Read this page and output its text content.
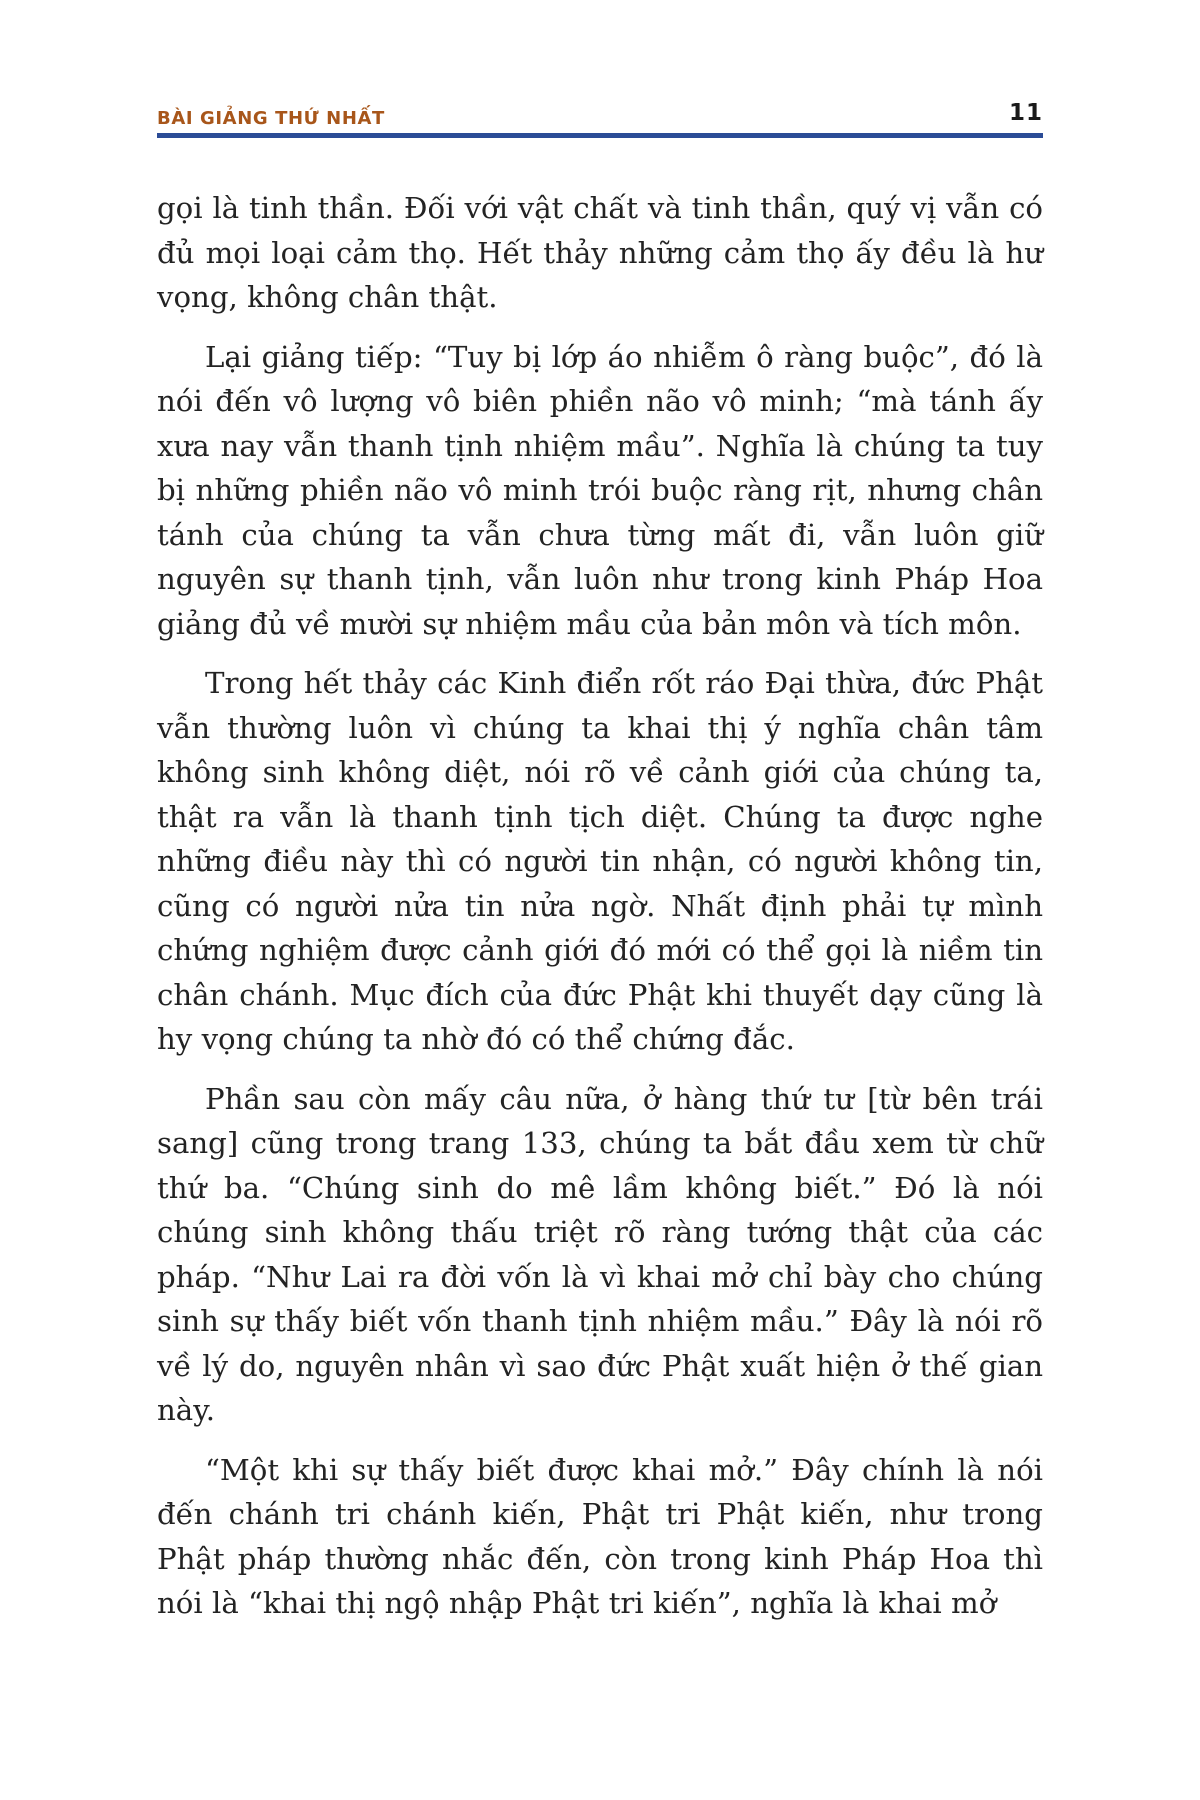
BÀI GIẢNG THỨ NHẤT	11

gọi là tinh thần. Đối với vật chất và tinh thần, quý vị vẫn có đủ mọi loại cảm thọ. Hết thảy những cảm thọ ấy đều là hư vọng, không chân thật.

Lại giảng tiếp: “Tuy bị lớp áo nhiễm ô ràng buộc”, đó là nói đến vô lượng vô biên phiền não vô minh; “mà tánh ấy xưa nay vẫn thanh tịnh nhiệm mầu”. Nghĩa là chúng ta tuy bị những phiền não vô minh trói buộc ràng rịt, nhưng chân tánh của chúng ta vẫn chưa từng mất đi, vẫn luôn giữ nguyên sự thanh tịnh, vẫn luôn như trong kinh Pháp Hoa giảng đủ về mười sự nhiệm mầu của bản môn và tích môn.

Trong hết thảy các Kinh điển rốt ráo Đại thừa, đức Phật vẫn thường luôn vì chúng ta khai thị ý nghĩa chân tâm không sinh không diệt, nói rõ về cảnh giới của chúng ta, thật ra vẫn là thanh tịnh tịch diệt. Chúng ta được nghe những điều này thì có người tin nhận, có người không tin, cũng có người nửa tin nửa ngờ. Nhất định phải tự mình chứng nghiệm được cảnh giới đó mới có thể gọi là niềm tin chân chánh. Mục đích của đức Phật khi thuyết dạy cũng là hy vọng chúng ta nhờ đó có thể chứng đắc.

Phần sau còn mấy câu nữa, ở hàng thứ tư [từ bên trái sang] cũng trong trang 133, chúng ta bắt đầu xem từ chữ thứ ba. “Chúng sinh do mê lầm không biết.” Đó là nói chúng sinh không thấu triệt rõ ràng tướng thật của các pháp. “Như Lai ra đời vốn là vì khai mở chỉ bày cho chúng sinh sự thấy biết vốn thanh tịnh nhiệm mầu.” Đây là nói rõ về lý do, nguyên nhân vì sao đức Phật xuất hiện ở thế gian này.

“Một khi sự thấy biết được khai mở.” Đây chính là nói đến chánh tri chánh kiến, Phật tri Phật kiến, như trong Phật pháp thường nhắc đến, còn trong kinh Pháp Hoa thì nói là “khai thị ngộ nhập Phật tri kiến”, nghĩa là khai mở
